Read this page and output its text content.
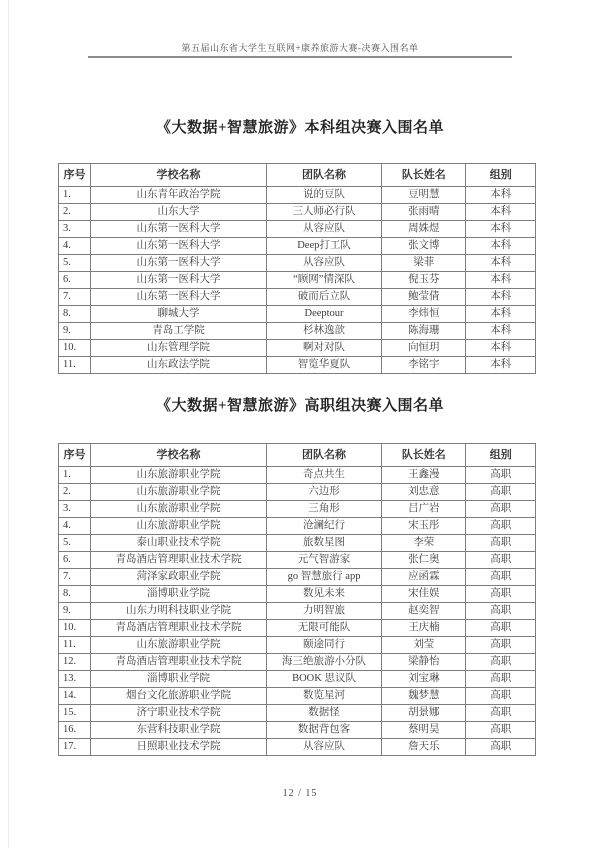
第五届山东省大学生互联网+康养旅游大赛-决赛入围名单
《大数据+智慧旅游》本科组决赛入围名单
序号	学校名称	团队名称	队长姓名	组别
1.	山东青年政治学院	说的豆队	豆明慧	本科
2.	山东大学	三人师必行队	张雨晴	本科
3.	山东第一医科大学	从容应队	周姝煜	本科
4.	山东第一医科大学	Deep打工队	张文博	本科
5.	山东第一医科大学	从容应队	梁菲	本科
6.	山东第一医科大学	“顾网”情深队	倪玉芬	本科
7.	山东第一医科大学	破而后立队	鲍莹倩	本科
8.	聊城大学	Deeptour	李炜恒	本科
9.	青岛工学院	杉林逸歆	陈海珊	本科
10.	山东管理学院	啊对对队	向恒玥	本科
11.	山东政法学院	智览华夏队	李铭宇	本科
《大数据+智慧旅游》高职组决赛入围名单
序号	学校名称	团队名称	队长姓名	组别
1.	山东旅游职业学院	奇点共生	王鑫漫	高职
2.	山东旅游职业学院	六边形	刘忠意	高职
3.	山东旅游职业学院	三角形	吕广岩	高职
4.	山东旅游职业学院	沧澜纪行	宋玉彤	高职
5.	泰山职业技术学院	旅数星图	李荣	高职
6.	青岛酒店管理职业技术学院	元气智游家	张仁奥	高职
7.	菏泽家政职业学院	go 智慧旅行 app	应函霖	高职
8.	淄博职业学院	数见未来	宋佳娱	高职
9.	山东力明科技职业学院	力明智旅	赵奕智	高职
10.	青岛酒店管理职业技术学院	无限可能队	王庆楠	高职
11.	山东旅游职业学院	颐途同行	刘莹	高职
12.	青岛酒店管理职业技术学院	海三绝旅游小分队	梁静怡	高职
13.	淄博职业学院	BOOK 思议队	刘宝琳	高职
14.	烟台文化旅游职业学院	数览星河	魏梦慧	高职
15.	济宁职业技术学院	数据怪	胡景娜	高职
16.	东营科技职业学院	数据背包客	蔡明昊	高职
17.	日照职业技术学院	从容应队	詹天乐	高职
12 / 15
